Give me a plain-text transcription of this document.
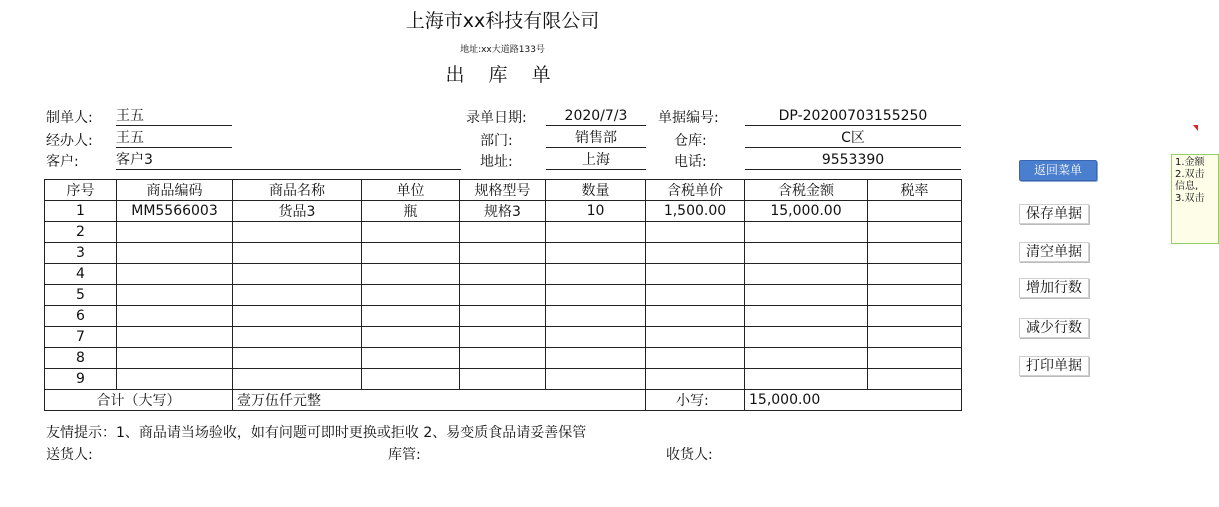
上海市xx科技有限公司
地址:xx大道路133号
出 库 单
制单人: 王五
经办人: 王五
客户:	客户3
录单日期:	2020/7/3
部门:	销售部
地址:	上海
单据编号:	DP-20200703155250
仓库:	C区
电话:	9553390
序号	商品编码	商品名称	单位	规格型号	数量	含税单价	含税金额	税率
1	MM5566003	货品3	瓶	规格3	10	1,500.00	15,000.00	
2								
3								
4								
5								
6								
7								
8								
9								
合计（大写）		壹万伍仟元整				小写:	15,000.00	
友情提示：1、商品请当场验收，如有问题可即时更换或拒收 2、易变质食品请妥善保管
送货人:	库管:	收货人:
返回菜单
保存单据
清空单据
增加行数
减少行数
打印单据
1.金额
2.双击
信息,
3.双击
